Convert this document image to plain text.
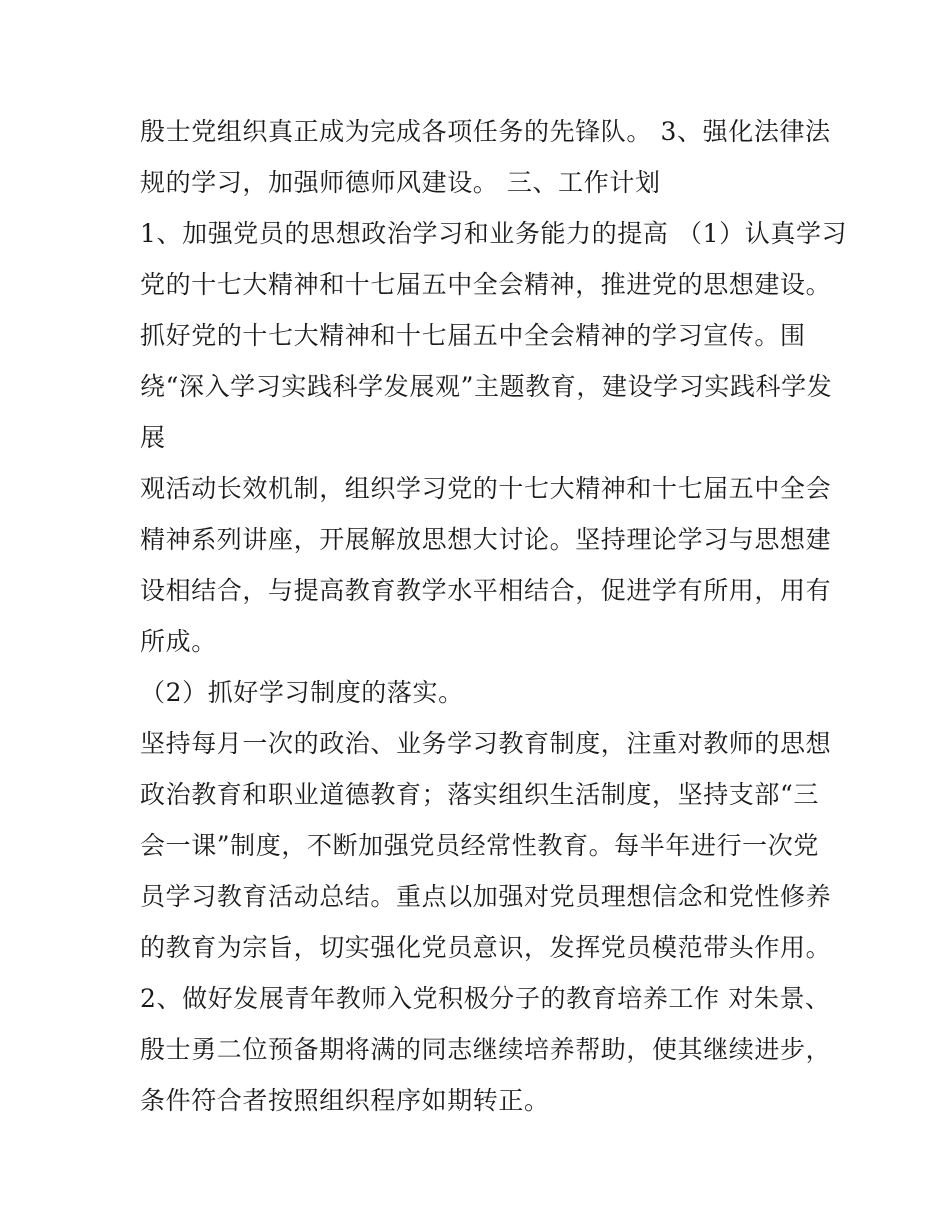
殷士党组织真正成为完成各项任务的先锋队。 3、强化法律法
规的学习，加强师德师风建设。 三、工作计划
1、加强党员的思想政治学习和业务能力的提高 （1）认真学习
党的十七大精神和十七届五中全会精神，推进党的思想建设。
抓好党的十七大精神和十七届五中全会精神的学习宣传。围
绕“深入学习实践科学发展观”主题教育，建设学习实践科学发
展
观活动长效机制，组织学习党的十七大精神和十七届五中全会
精神系列讲座，开展解放思想大讨论。坚持理论学习与思想建
设相结合，与提高教育教学水平相结合，促进学有所用，用有
所成。
（2）抓好学习制度的落实。
坚持每月一次的政治、业务学习教育制度，注重对教师的思想
政治教育和职业道德教育；落实组织生活制度，坚持支部“三
会一课”制度，不断加强党员经常性教育。每半年进行一次党
员学习教育活动总结。重点以加强对党员理想信念和党性修养
的教育为宗旨，切实强化党员意识，发挥党员模范带头作用。
2、做好发展青年教师入党积极分子的教育培养工作 对朱景、
殷士勇二位预备期将满的同志继续培养帮助，使其继续进步，
条件符合者按照组织程序如期转正。
